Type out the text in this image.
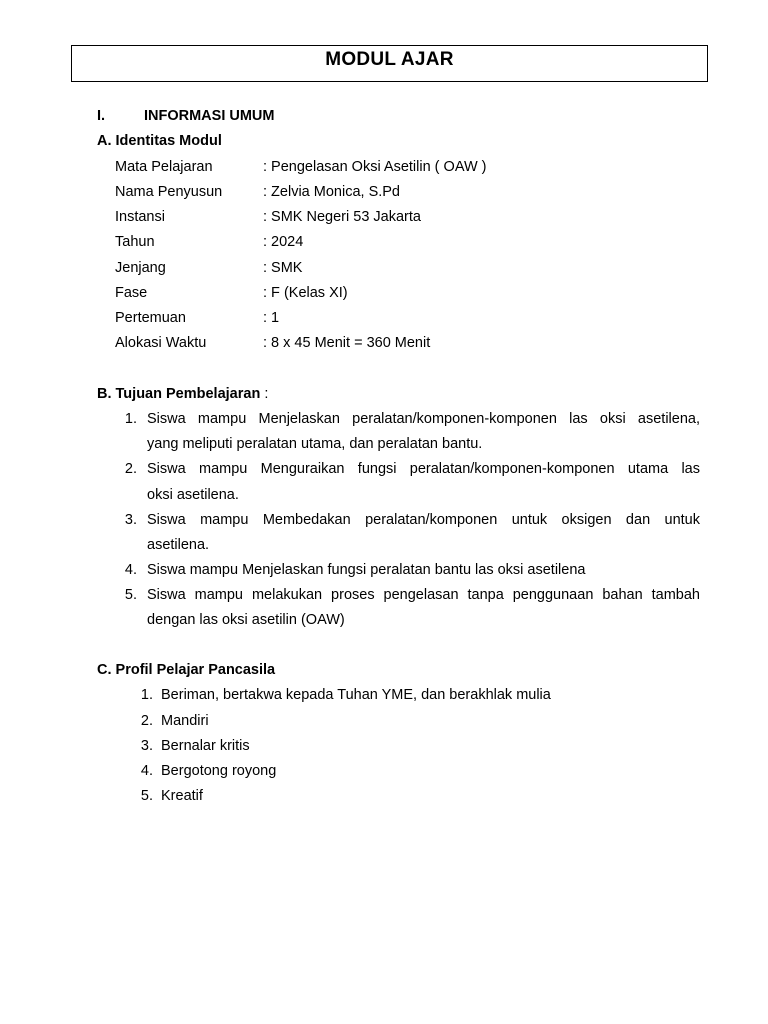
MODUL AJAR
I.	INFORMASI UMUM
A. Identitas Modul
Mata Pelajaran	: Pengelasan Oksi Asetilin ( OAW )
Nama Penyusun	: Zelvia Monica, S.Pd
Instansi	: SMK Negeri 53 Jakarta
Tahun	: 2024
Jenjang	: SMK
Fase	: F (Kelas XI)
Pertemuan	: 1
Alokasi Waktu	: 8 x 45 Menit = 360 Menit
B. Tujuan Pembelajaran :
1. Siswa mampu Menjelaskan peralatan/komponen-komponen las oksi asetilena,
yang meliputi peralatan utama, dan peralatan bantu.
2. Siswa mampu Menguraikan fungsi peralatan/komponen-komponen utama las
oksi asetilena.
3. Siswa mampu Membedakan peralatan/komponen untuk oksigen dan untuk
asetilena.
4. Siswa mampu Menjelaskan fungsi peralatan bantu las oksi asetilena
5. Siswa mampu melakukan proses pengelasan tanpa penggunaan bahan tambah
dengan las oksi asetilin (OAW)
C. Profil Pelajar Pancasila
1. Beriman, bertakwa kepada Tuhan YME, dan berakhlak mulia
2. Mandiri
3. Bernalar kritis
4. Bergotong royong
5. Kreatif
